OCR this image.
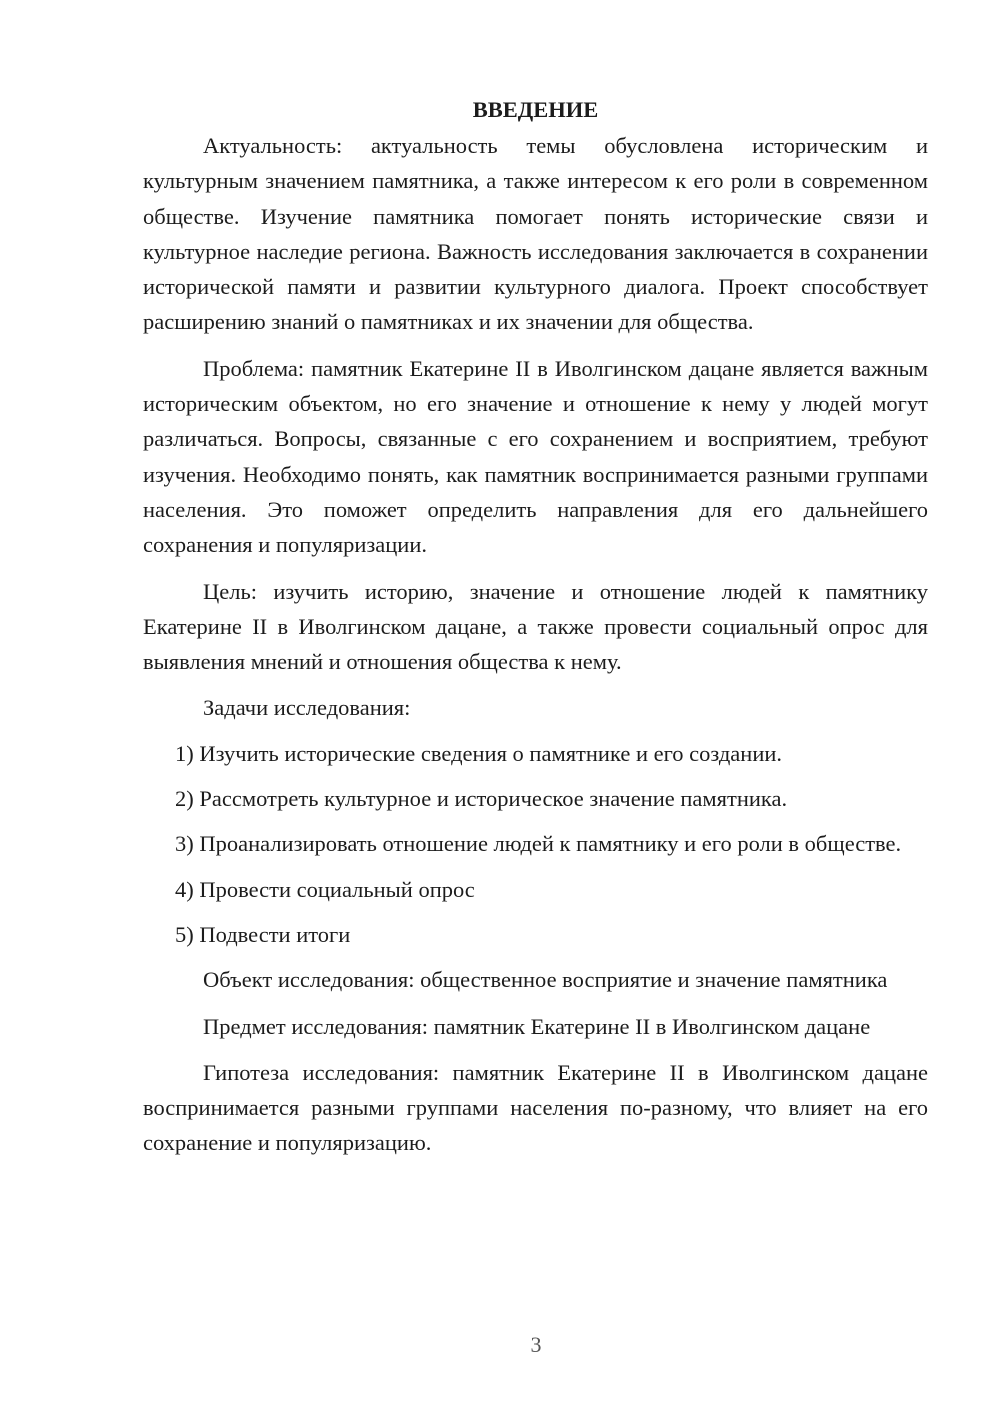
ВВЕДЕНИЕ

Актуальность: актуальность темы обусловлена историческим и культурным значением памятника, а также интересом к его роли в современном обществе. Изучение памятника помогает понять исторические связи и культурное наследие региона. Важность исследования заключается в сохранении исторической памяти и развитии культурного диалога. Проект способствует расширению знаний о памятниках и их значении для общества.

Проблема: памятник Екатерине II в Иволгинском дацане является важным историческим объектом, но его значение и отношение к нему у людей могут различаться. Вопросы, связанные с его сохранением и восприятием, требуют изучения. Необходимо понять, как памятник воспринимается разными группами населения. Это поможет определить направления для его дальнейшего сохранения и популяризации.

Цель: изучить историю, значение и отношение людей к памятнику Екатерине II в Иволгинском дацане, а также провести социальный опрос для выявления мнений и отношения общества к нему.

Задачи исследования:

1) Изучить исторические сведения о памятнике и его создании.

2) Рассмотреть культурное и историческое значение памятника.

3) Проанализировать отношение людей к памятнику и его роли в обществе.

4) Провести социальный опрос

5) Подвести итоги

Объект исследования: общественное восприятие и значение памятника

Предмет исследования: памятник Екатерине II в Иволгинском дацане

Гипотеза исследования: памятник Екатерине II в Иволгинском дацане воспринимается разными группами населения по-разному, что влияет на его сохранение и популяризацию.

3
